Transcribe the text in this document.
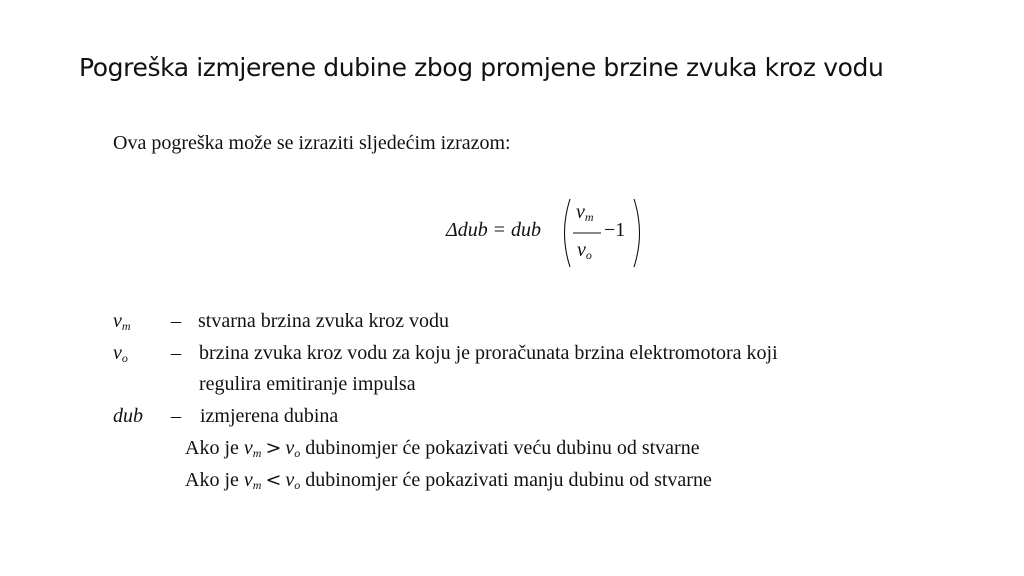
Pogreška izmjerene dubine zbog promjene brzine zvuka kroz vodu
Ova pogreška može se izraziti sljedećim izrazom:
Δdub = dub
$v_m$
$v_o$
−1
$v_m$ – stvarna brzina zvuka kroz vodu
$v_o$ – brzina zvuka kroz vodu za koju je proračunata brzina elektromotora koji
regulira emitiranje impulsa
dub – izmjerena dubina
Ako je $v_m > v_o$ dubinomjer će pokazivati veću dubinu od stvarne
Ako je $v_m < v_o$ dubinomjer će pokazivati manju dubinu od stvarne
